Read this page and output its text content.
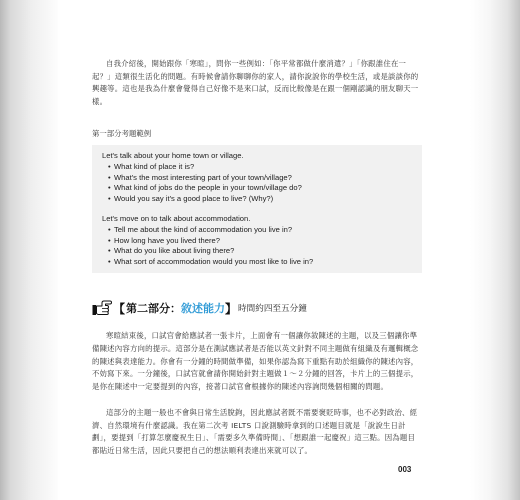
自我介紹後，開始跟你「寒暄」，問你一些例如：「你平常都做什麼消遣？」「你跟誰住在一起？」這類很生活化的問題。有時候會請你聊聊你的家人，請你說說你的學校生活，或是談談你的興趣等。這也是我為什麼會覺得自己好像不是來口試，反而比較像是在跟一個剛認識的朋友聊天一樣。

第一部分考題範例

Let's talk about your home town or village.

• What kind of place it is?
• What's the most interesting part of your town/village?
• What kind of jobs do the people in your town/village do?
• Would you say it's a good place to live? (Why?)

Let's move on to talk about accommodation.

• Tell me about the kind of accommodation you live in?
• How long have you lived there?
• What do you like about living there?
• What sort of accommodation would you most like to live in?
【 第二部分： 敘述能力 】 時間約四至五分鐘

寒暄結束後，口試官會給應試者一張卡片，上面會有一個讓你敘陳述的主題，以及三個讓你準備陳述內容方向的提示。這部分是在測試應試者是否能以英文針對不同主題做有組織及有邏輯概念的陳述與表達能力。你會有一分鐘的時間做準備，如果你認為寫下重點有助於組織你的陳述內容，不妨寫下來。一分鐘後，口試官就會請你開始針對主題做１～２分鐘的回答，卡片上的三個提示，是你在陳述中一定要提到的內容，接著口試官會根據你的陳述內容詢問幾個相關的問題。

這部分的主題一般也不會與日常生活脫鉤，因此應試者既不需要褒貶時事，也不必對政治、經濟、自然環境有什麼認識。我在第二次考 IELTS 口說測驗時拿到的口述題目就是「說說生日計劃」，要提到「打算怎麼慶祝生日」、「需要多久準備時間」、「想跟誰一起慶祝」這三點。因為題目都貼近日常生活，因此只要把自己的想法順利表達出來就可以了。

003
